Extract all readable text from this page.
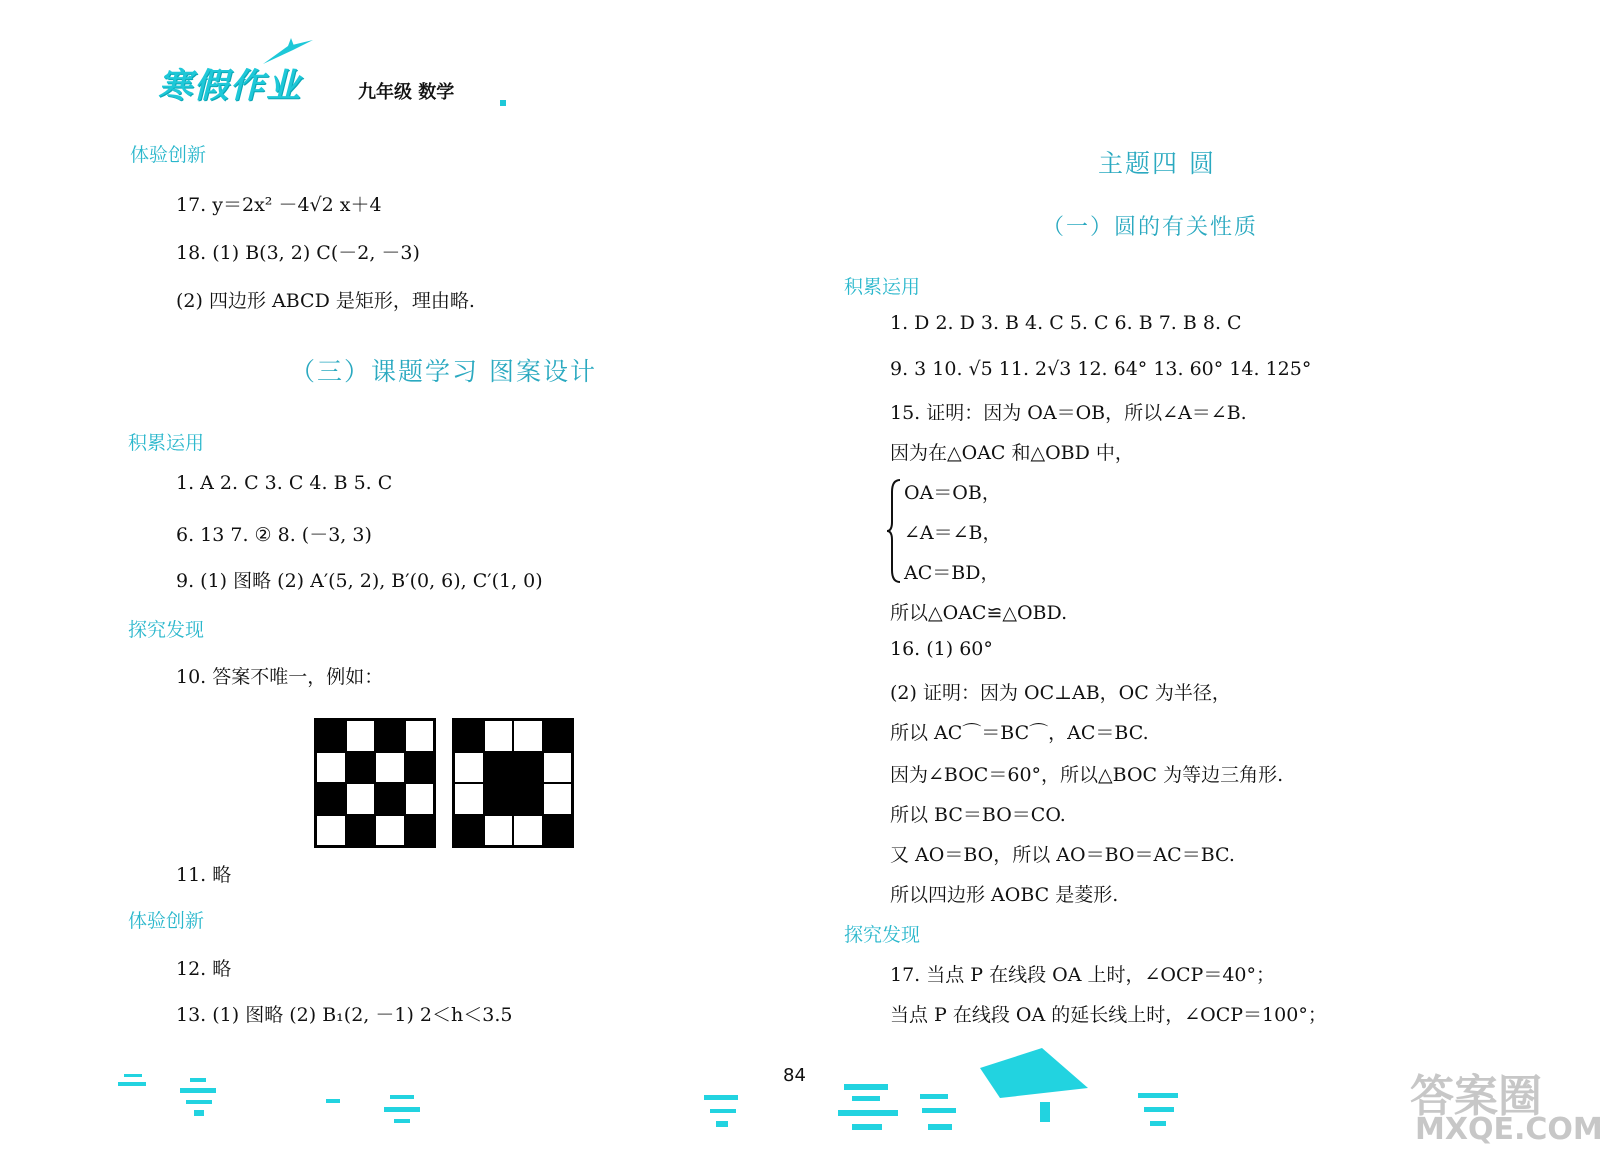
寒假作业	九年级 数学
体验创新
17. y＝2x² －4√2 x＋4
18. (1) B(3, 2) C(－2, －3)
(2) 四边形 ABCD 是矩形，理由略.
（三）课题学习 图案设计
积累运用
1. A 2. C 3. C 4. B 5. C
6. 13 7. ② 8. (－3, 3)
9. (1) 图略 (2) A′(5, 2), B′(0, 6), C′(1, 0)
探究发现
10. 答案不唯一，例如：
11. 略
体验创新
12. 略
13. (1) 图略 (2) B₁(2, －1) 2＜h＜3.5
主题四 圆
（一）圆的有关性质
积累运用
1. D 2. D 3. B 4. C 5. C 6. B 7. B 8. C
9. 3 10. √5 11. 2√3 12. 64° 13. 60° 14. 125°
15. 证明：因为 OA＝OB，所以∠A＝∠B.
因为在△OAC 和△OBD 中，
OA＝OB，
∠A＝∠B，
AC＝BD，
所以△OAC≌△OBD.
16. (1) 60°
(2) 证明：因为 OC⊥AB，OC 为半径，
所以 AC⌒＝BC⌒，AC＝BC.
因为∠BOC＝60°，所以△BOC 为等边三角形.
所以 BC＝BO＝CO.
又 AO＝BO，所以 AO＝BO＝AC＝BC.
所以四边形 AOBC 是菱形.
探究发现
17. 当点 P 在线段 OA 上时，∠OCP＝40°；
当点 P 在线段 OA 的延长线上时，∠OCP＝100°；
84	答案圈
MXQE.COM
